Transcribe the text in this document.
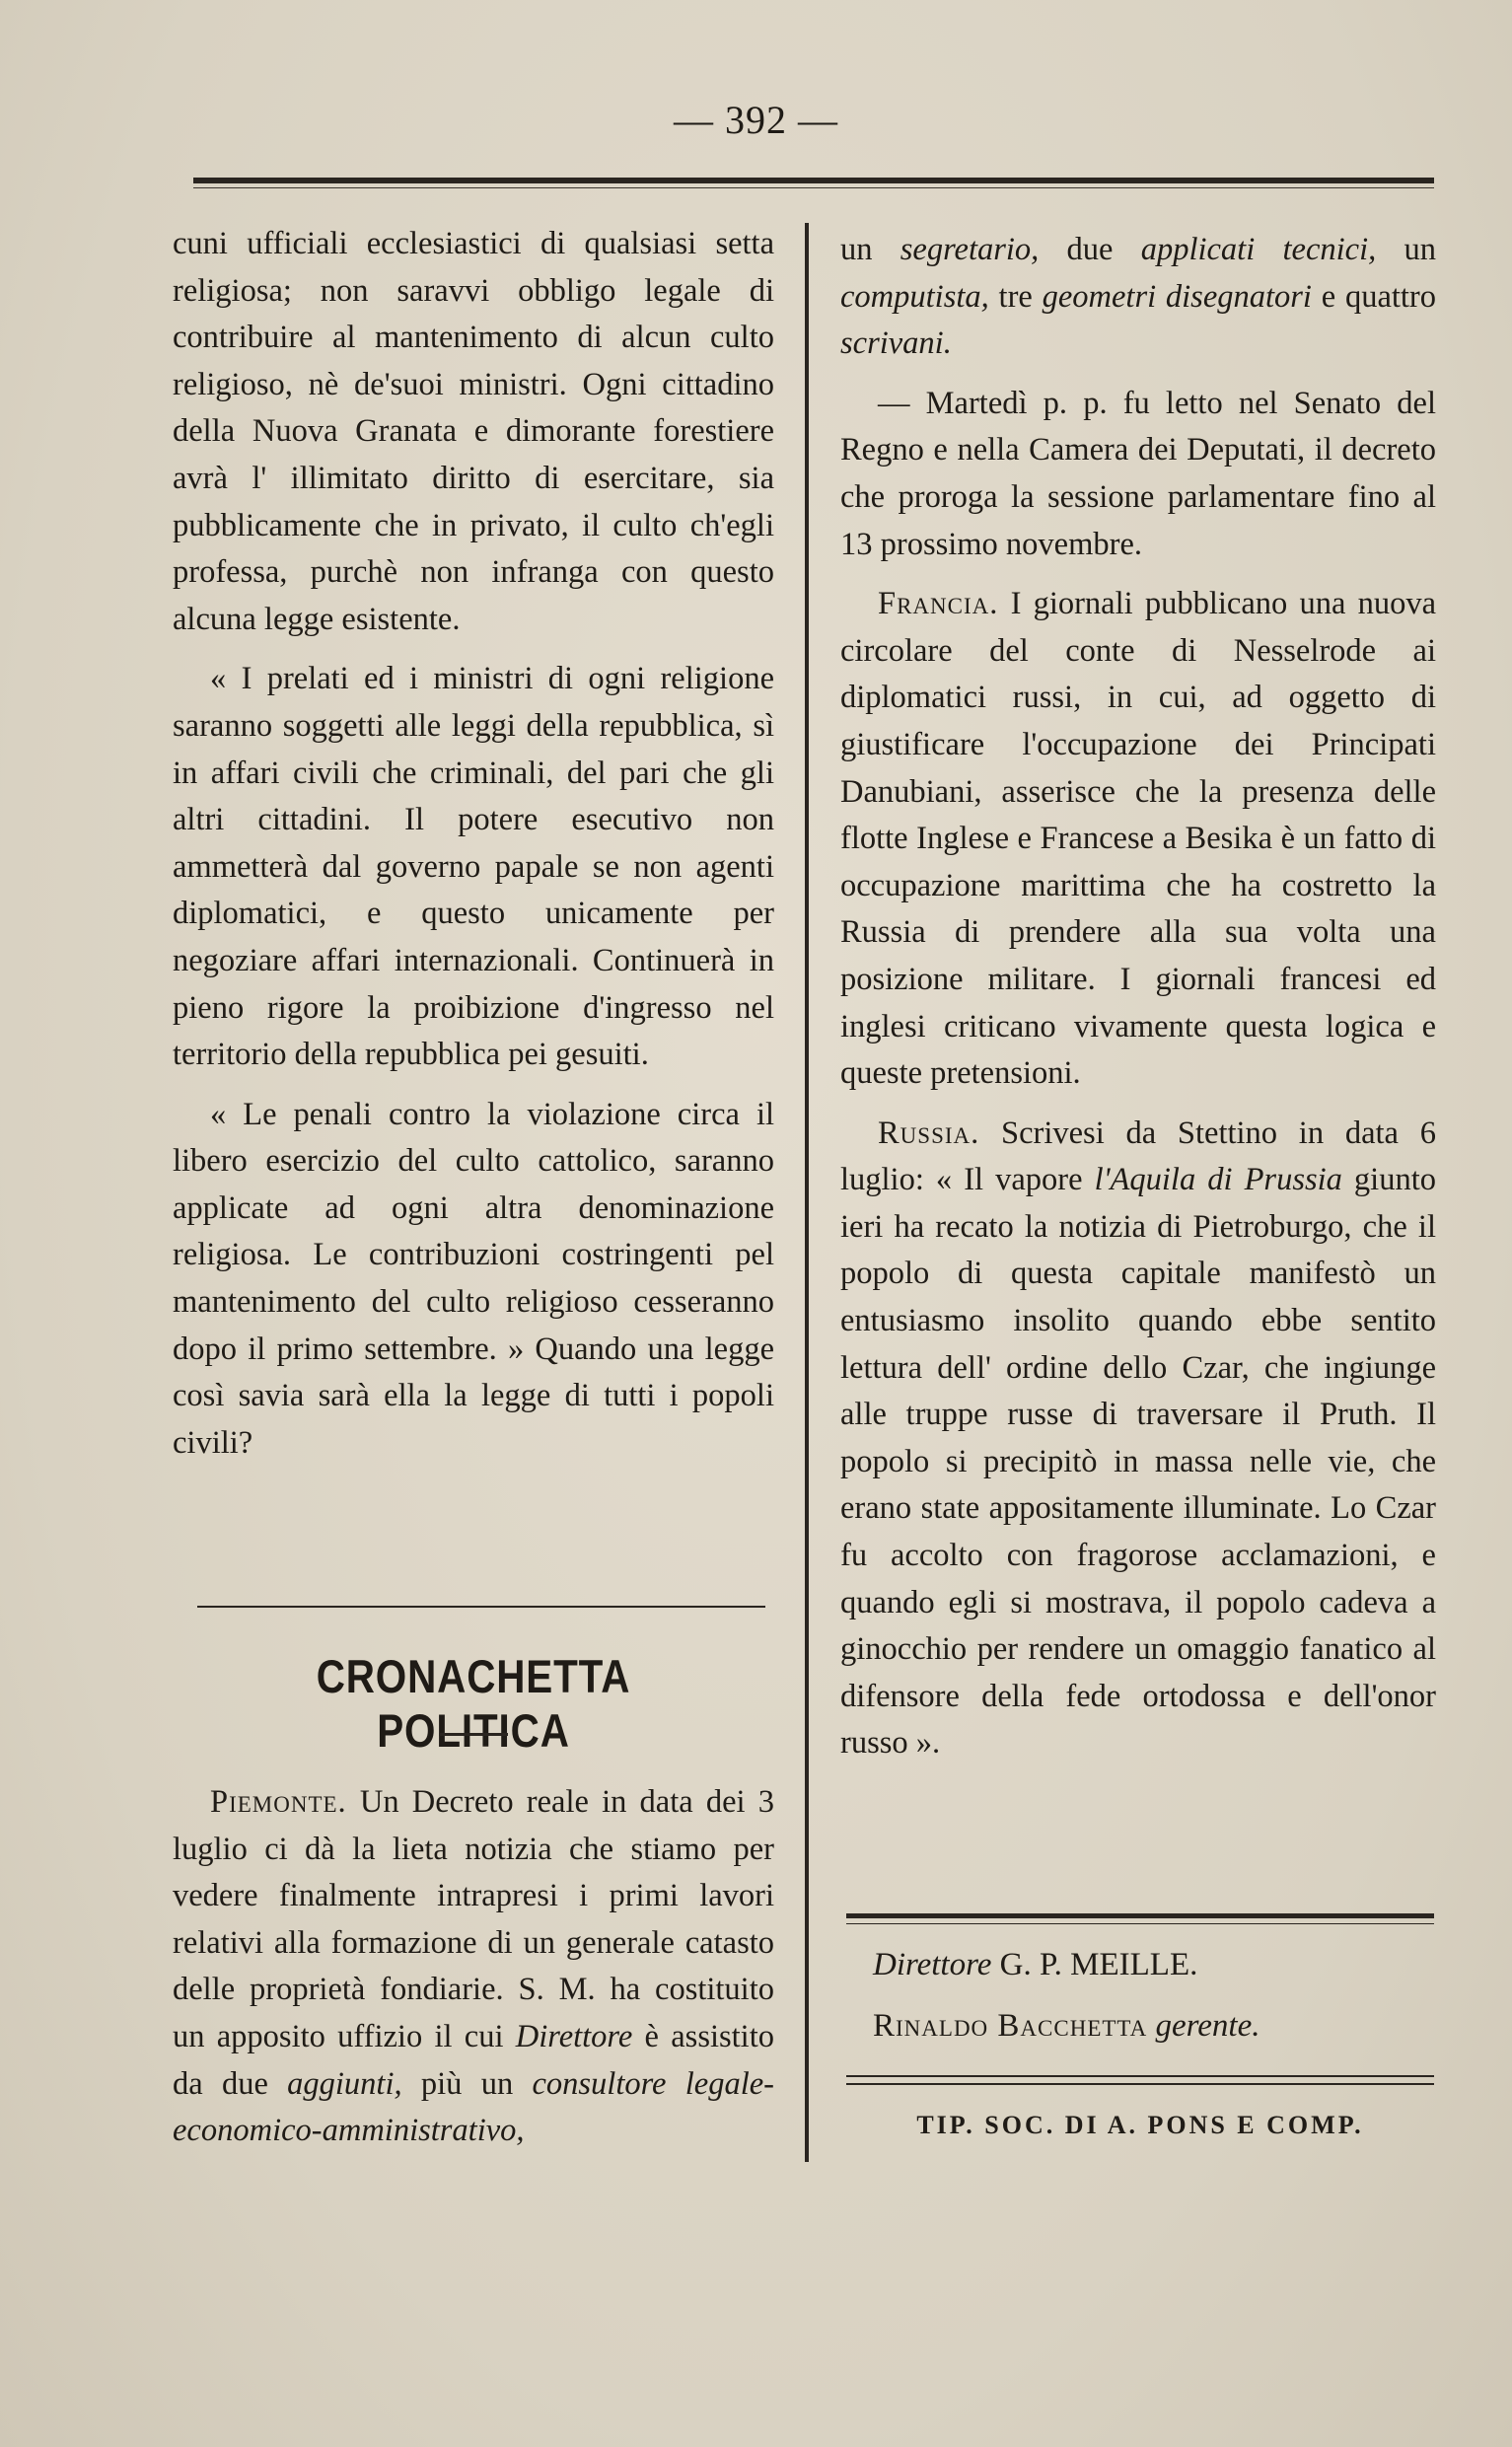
— 392 —

cuni ufficiali ecclesiastici di qualsiasi setta religiosa; non saravvi obbligo legale di contribuire al mantenimento di alcun culto religioso, nè de'suoi ministri. Ogni cittadino della Nuova Granata e dimorante forestiere avrà l' illimitato diritto di esercitare, sia pubblicamente che in privato, il culto ch'egli professa, purchè non infranga con questo alcuna legge esistente.

« I prelati ed i ministri di ogni religione saranno soggetti alle leggi della repubblica, sì in affari civili che criminali, del pari che gli altri cittadini. Il potere esecutivo non ammetterà dal governo papale se non agenti diplomatici, e questo unicamente per negoziare affari internazionali. Continuerà in pieno rigore la proibizione d'ingresso nel territorio della repubblica pei gesuiti.

« Le penali contro la violazione circa il libero esercizio del culto cattolico, saranno applicate ad ogni altra denominazione religiosa. Le contribuzioni costringenti pel mantenimento del culto religioso cesseranno dopo il primo settembre. » Quando una legge così savia sarà ella la legge di tutti i popoli civili?

CRONACHETTA POLITICA

Piemonte. Un Decreto reale in data dei 3 luglio ci dà la lieta notizia che stiamo per vedere finalmente intrapresi i primi lavori relativi alla formazione di un generale catasto delle proprietà fondiarie. S. M. ha costituito un apposito uffizio il cui Direttore è assistito da due aggiunti, più un consultore legale-economico-amministrativo,

un segretario, due applicati tecnici, un computista, tre geometri disegnatori e quattro scrivani.

— Martedì p. p. fu letto nel Senato del Regno e nella Camera dei Deputati, il decreto che proroga la sessione parlamentare fino al 13 prossimo novembre.

Francia. I giornali pubblicano una nuova circolare del conte di Nesselrode ai diplomatici russi, in cui, ad oggetto di giustificare l'occupazione dei Principati Danubiani, asserisce che la presenza delle flotte Inglese e Francese a Besika è un fatto di occupazione marittima che ha costretto la Russia di prendere alla sua volta una posizione militare. I giornali francesi ed inglesi criticano vivamente questa logica e queste pretensioni.

Russia. Scrivesi da Stettino in data 6 luglio: « Il vapore l'Aquila di Prussia giunto ieri ha recato la notizia di Pietroburgo, che il popolo di questa capitale manifestò un entusiasmo insolito quando ebbe sentito lettura dell' ordine dello Czar, che ingiunge alle truppe russe di traversare il Pruth. Il popolo si precipitò in massa nelle vie, che erano state appositamente illuminate. Lo Czar fu accolto con fragorose acclamazioni, e quando egli si mostrava, il popolo cadeva a ginocchio per rendere un omaggio fanatico al difensore della fede ortodossa e dell'onor russo ».

Direttore G. P. MEILLE.
Rinaldo Bacchetta gerente.
TIP. SOC. DI A. PONS E COMP.
